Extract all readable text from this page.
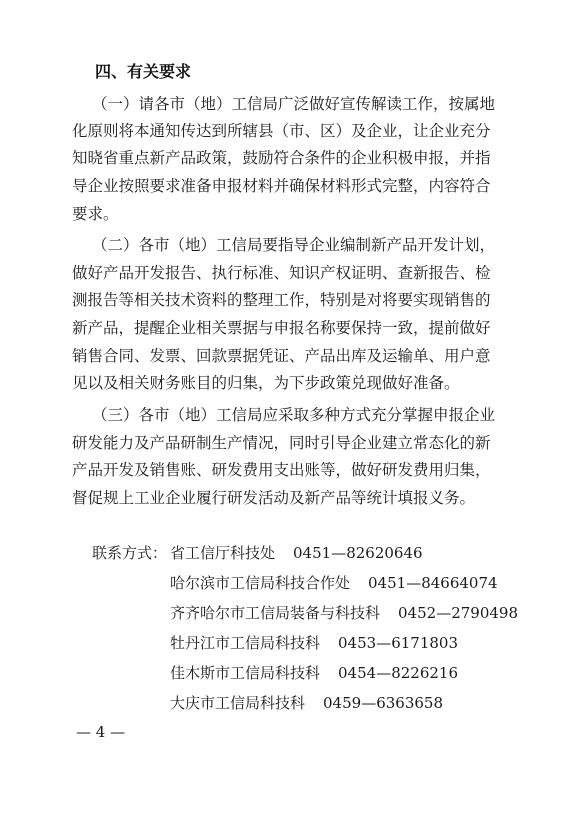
四、有关要求
（一）请各市（地）工信局广泛做好宣传解读工作，按属地
化原则将本通知传达到所辖县（市、区）及企业，让企业充分
知晓省重点新产品政策，鼓励符合条件的企业积极申报，并指
导企业按照要求准备申报材料并确保材料形式完整，内容符合
要求。
（二）各市（地）工信局要指导企业编制新产品开发计划，
做好产品开发报告、执行标准、知识产权证明、查新报告、检
测报告等相关技术资料的整理工作，特别是对将要实现销售的
新产品，提醒企业相关票据与申报名称要保持一致，提前做好
销售合同、发票、回款票据凭证、产品出库及运输单、用户意
见以及相关财务账目的归集，为下步政策兑现做好准备。
（三）各市（地）工信局应采取多种方式充分掌握申报企业
研发能力及产品研制生产情况，同时引导企业建立常态化的新
产品开发及销售账、研发费用支出账等，做好研发费用归集，
督促规上工业企业履行研发活动及新产品等统计填报义务。
联系方式： 省工信厅科技处 0451—82620646
哈尔滨市工信局科技合作处 0451—84664074
齐齐哈尔市工信局装备与科技科 0452—2790498
牡丹江市工信局科技科 0453—6171803
佳木斯市工信局科技科 0454—8226216
大庆市工信局科技科 0459—6363658
— 4 —
